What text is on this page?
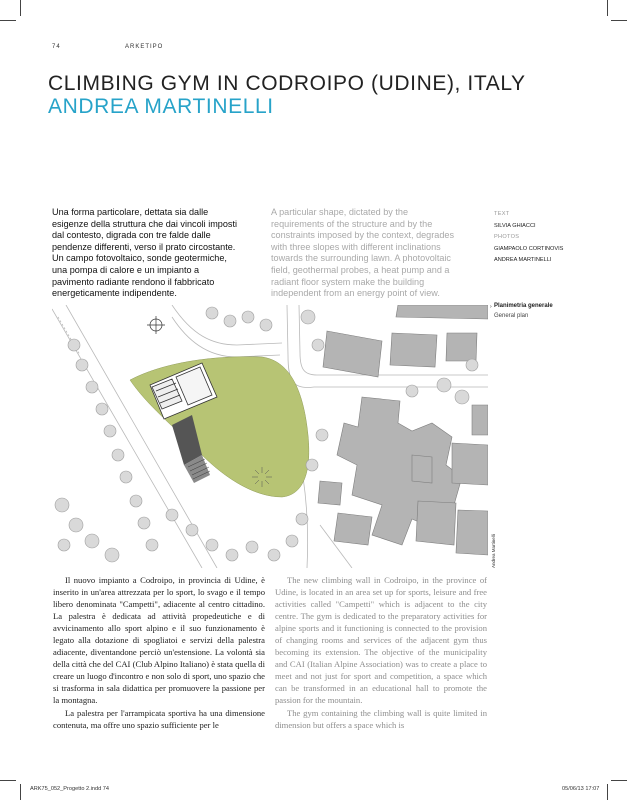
74	ARKETIPO
CLIMBING GYM IN CODROIPO (UDINE), ITALY
ANDREA MARTINELLI
Una forma particolare, dettata sia dalle
esigenze della struttura che dai vincoli imposti
dal contesto, digrada con tre falde dalle
pendenze differenti, verso il prato circostante.
Un campo fotovoltaico, sonde geotermiche,
una pompa di calore e un impianto a
pavimento radiante rendono il fabbricato
energeticamente indipendente.
A particular shape, dictated by the
requirements of the structure and by the
constraints imposed by the context, degrades
with three slopes with different inclinations
towards the surrounding lawn. A photovoltaic
field, geothermal probes, a heat pump and a
radiant floor system make the building
independent from an energy point of view.
TEXT
SILVIA GHIACCI
PHOTOS
GIAMPAOLO CORTINOVIS
ANDREA MARTINELLI
› Planimetria generale
General plan
Andrea Martinelli

Il nuovo impianto a Codroipo, in provincia di Udine, è inserito in un'area attrezzata per lo sport, lo svago e il tempo libero denominata "Campetti", adiacente al centro cittadino. La palestra è dedicata ad attività propedeutiche e di avvicinamento allo sport alpino e il suo funzionamento è legato alla dotazione di spogliatoi e servizi della palestra adiacente, diventandone perciò un'estensione. La volontà sia della città che del CAI (Club Alpino Italiano) è stata quella di creare un luogo d'incontro e non solo di sport, uno spazio che si trasforma in sala didattica per promuovere la passione per la montagna.

La palestra per l'arrampicata sportiva ha una dimensione contenuta, ma offre uno spazio sufficiente per le

The new climbing wall in Codroipo, in the province of Udine, is located in an area set up for sports, leisure and free activities called "Campetti" which is adjacent to the city centre. The gym is dedicated to the preparatory activities for alpine sports and it functioning is connected to the provision of changing rooms and services of the adjacent gym thus becoming its extension. The objective of the municipality and CAI (Italian Alpine Association) was to create a place to meet and not just for sport and competition, a space which can be transformed in an educational hall to promote the passion for the mountain.

The gym containing the climbing wall is quite limited in dimension but offers a space which is

ARK75_052_Progetto 2.indd 74	05/06/13 17:07
